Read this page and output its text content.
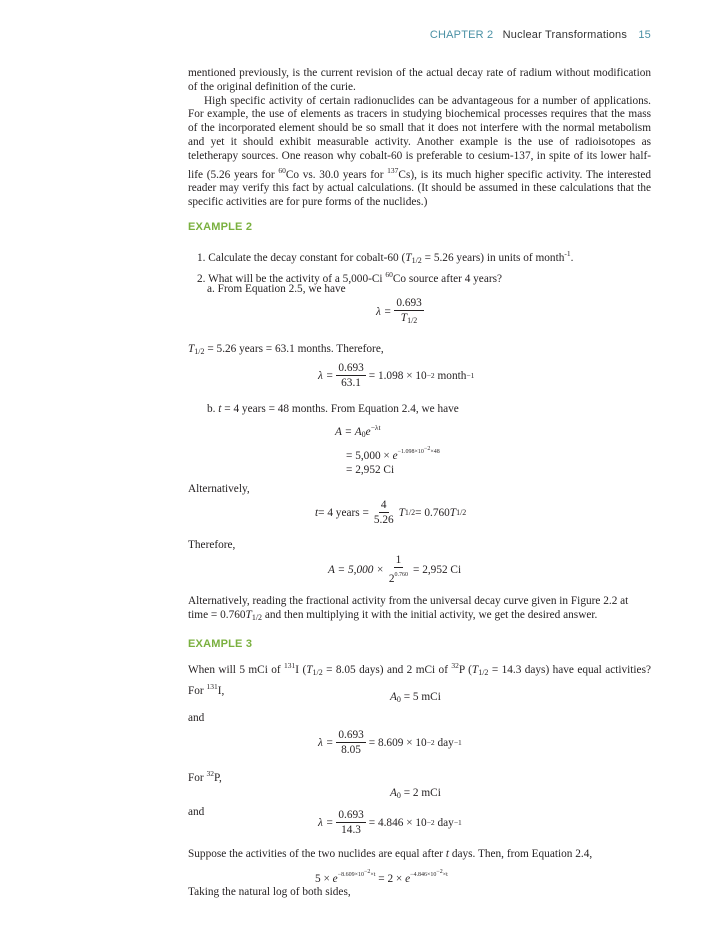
CHAPTER 2 Nuclear Transformations 15

mentioned previously, is the current revision of the actual decay rate of radium without modification of the original definition of the curie.

High specific activity of certain radionuclides can be advantageous for a number of applications. For example, the use of elements as tracers in studying biochemical processes requires that the mass of the incorporated element should be so small that it does not interfere with the normal metabolism and yet it should exhibit measurable activity. Another example is the use of radioisotopes as teletherapy sources. One reason why cobalt-60 is preferable to cesium-137, in spite of its lower half-life (5.26 years for $^{60}$Co vs. 30.0 years for $^{137}$Cs), is its much higher specific activity. The interested reader may verify this fact by actual calculations. (It should be assumed in these calculations that the specific activities are for pure forms of the nuclides.)

EXAMPLE 2
1. Calculate the decay constant for cobalt-60 ($T_{1/2} = 5.26$ years) in units of month$^{-1}$.
2. What will be the activity of a 5,000-Ci $^{60}$Co source after 4 years?
a. From Equation 2.5, we have
$\lambda = \frac{0.693}{T_{1/2}}$
$T_{1/2} = 5.26$ years = 63.1 months. Therefore,
$\lambda = \frac{0.693}{63.1} = 1.098 \times 10 -2$
month −1
b. t = 4 years = 48 months. From Equation 2.4, we have
$A = A_0e^{-\lambda t}$
= $5,000 \times e^{-1.098\times 10-2\times 48}$
= 2,952 Ci
Alternatively,
t = 4 years = $\frac{4}{5.26}$ T 1/2 = 0.760 T 1/2
Therefore,
$A = 5,000 \times \frac{1}{2^{0.760}} = 2,952$ Ci
Alternatively, reading the fractional activity from the universal decay curve given in Figure 2.2 at time = $0.760T_{1/2}$ and then multiplying it with the initial activity, we get the desired answer.
EXAMPLE 3
When will 5 mCi of $^{131}$I ($T_{1/2} = 8.05$ days) and 2 mCi of $^{32}$P ($T_{1/2} = 14.3$ days) have equal activities? For $^{131}$I,	$A_0 = 5$ mCi
and
$\lambda = \frac{0.693}{8.05} = 8.609 \times 10 -2$
day −1
For $^{32}$P,
$A_0 = 2$ mCi
and
$\lambda = \frac{0.693}{14.3} = 4.846 \times 10 -2$
day −1
Suppose the activities of the two nuclides are equal after t days. Then, from Equation 2.4,
$5 \times e^{-8.609\times 10-2\times t} = 2 \times e^{-4.846\times 10-2\times t}$
Taking the natural log of both sides,
